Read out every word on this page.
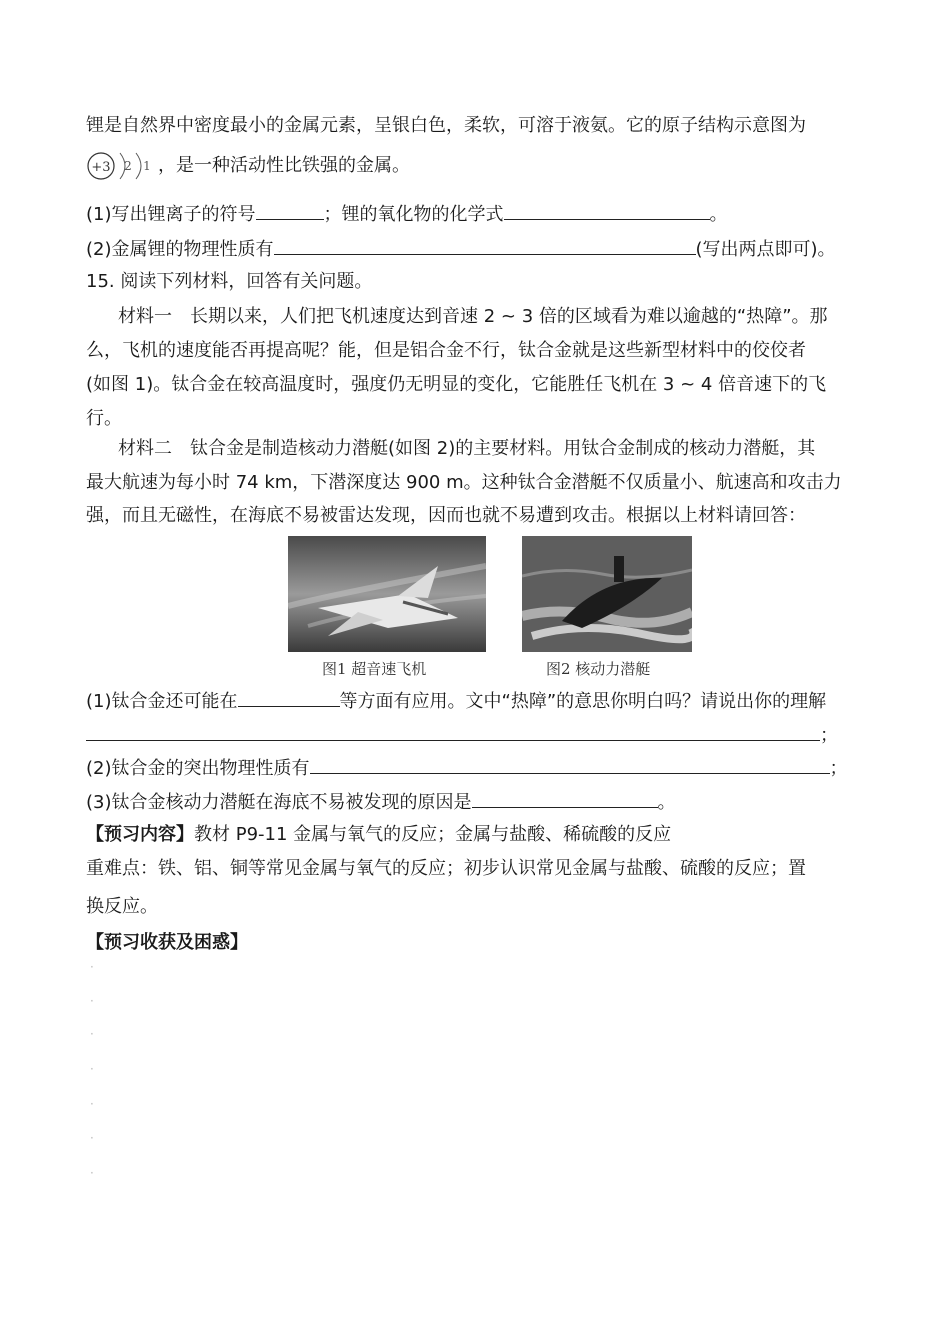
锂是自然界中密度最小的金属元素，呈银白色，柔软，可溶于液氨。它的原子结构示意图为
+3 2 1 ，是一种活动性比铁强的金属。
(1)写出锂离子的符号	；锂的氧化物的化学式	。
(2)金属锂的物理性质有	(写出两点即可)。
15. 阅读下列材料，回答有关问题。
材料一　长期以来，人们把飞机速度达到音速 2 ~ 3 倍的区域看为难以逾越的“热障”。那
么，飞机的速度能否再提高呢？能，但是铝合金不行，钛合金就是这些新型材料中的佼佼者
(如图 1)。钛合金在较高温度时，强度仍无明显的变化，它能胜任飞机在 3 ~ 4 倍音速下的飞
行。
材料二　钛合金是制造核动力潜艇(如图 2)的主要材料。用钛合金制成的核动力潜艇，其
最大航速为每小时 74 km，下潜深度达 900 m。这种钛合金潜艇不仅质量小、航速高和攻击力
强，而且无磁性，在海底不易被雷达发现，因而也就不易遭到攻击。根据以上材料请回答：
图1 超音速飞机	图2 核动力潜艇
(1)钛合金还可能在	等方面有应用。文中“热障”的意思你明白吗？请说出你的理解
；
(2)钛合金的突出物理性质有	；
(3)钛合金核动力潜艇在海底不易被发现的原因是	。
【预习内容】教材 P9-11 金属与氧气的反应；金属与盐酸、稀硫酸的反应
重难点：铁、铝、铜等常见金属与氧气的反应；初步认识常见金属与盐酸、硫酸的反应；置
换反应。
【预习收获及困惑】
·
·
·
·
·
·
·
